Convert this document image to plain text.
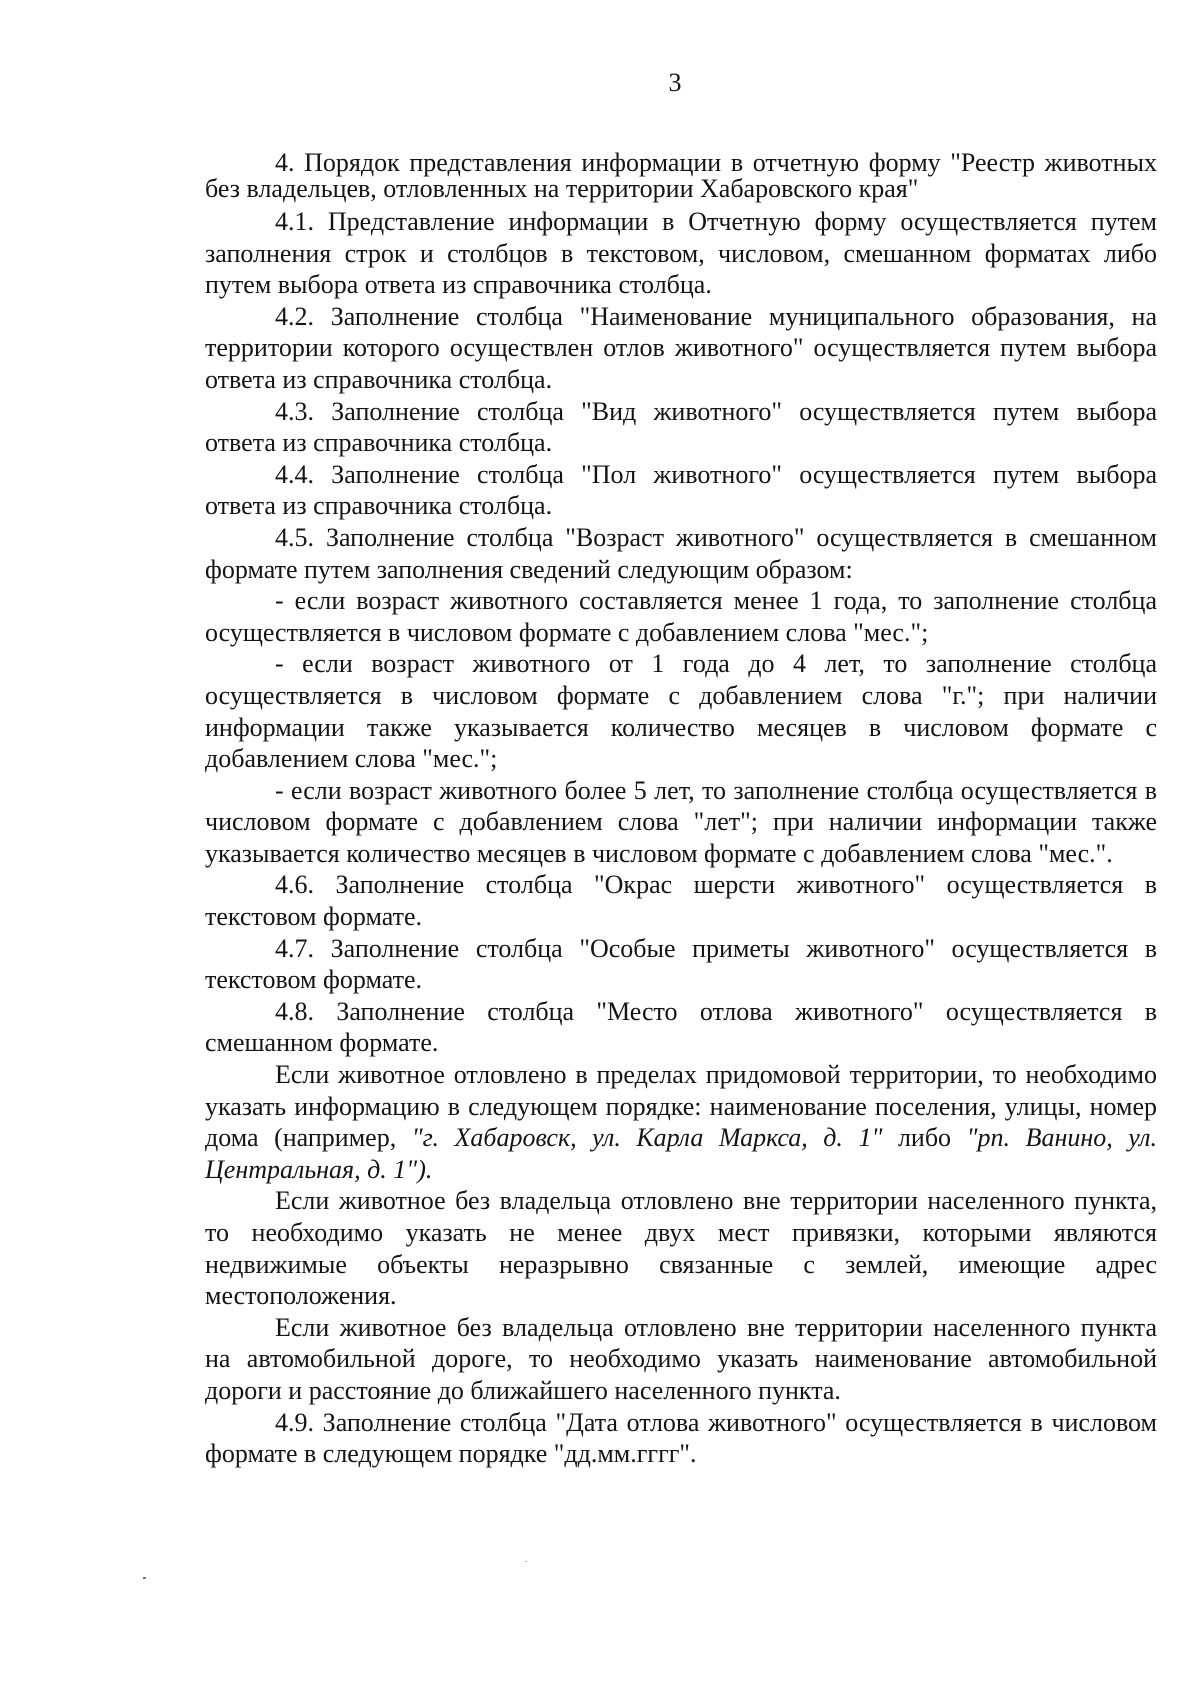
3

4. Порядок представления информации в отчетную форму "Реестр животных без владельцев, отловленных на территории Хабаровского края"

4.1. Представление информации в Отчетную форму осуществляется путем заполнения строк и столбцов в текстовом, числовом, смешанном форматах либо путем выбора ответа из справочника столбца.

4.2. Заполнение столбца "Наименование муниципального образования, на территории которого осуществлен отлов животного" осуществляется путем выбора ответа из справочника столбца.

4.3. Заполнение столбца "Вид животного" осуществляется путем выбора ответа из справочника столбца.

4.4. Заполнение столбца "Пол животного" осуществляется путем выбора ответа из справочника столбца.

4.5. Заполнение столбца "Возраст животного" осуществляется в смешанном формате путем заполнения сведений следующим образом:

- если возраст животного составляется менее 1 года, то заполнение столбца осуществляется в числовом формате с добавлением слова "мес.";

- если возраст животного от 1 года до 4 лет, то заполнение столбца осуществляется в числовом формате с добавлением слова "г."; при наличии информации также указывается количество месяцев в числовом формате с добавлением слова "мес.";

- если возраст животного более 5 лет, то заполнение столбца осуществляется в числовом формате с добавлением слова "лет"; при наличии информации также указывается количество месяцев в числовом формате с добавлением слова "мес.".

4.6. Заполнение столбца "Окрас шерсти животного" осуществляется в текстовом формате.

4.7. Заполнение столбца "Особые приметы животного" осуществляется в текстовом формате.

4.8. Заполнение столбца "Место отлова животного" осуществляется в смешанном формате.

Если животное отловлено в пределах придомовой территории, то необходимо указать информацию в следующем порядке: наименование поселения, улицы, номер дома (например, "г. Хабаровск, ул. Карла Маркса, д. 1" либо "рп. Ванино, ул. Центральная, д. 1").

Если животное без владельца отловлено вне территории населенного пункта, то необходимо указать не менее двух мест привязки, которыми являются недвижимые объекты неразрывно связанные с землей, имеющие адрес местоположения.

Если животное без владельца отловлено вне территории населенного пункта на автомобильной дороге, то необходимо указать наименование автомобильной дороги и расстояние до ближайшего населенного пункта.

4.9. Заполнение столбца "Дата отлова животного" осуществляется в числовом формате в следующем порядке "дд.мм.гггг".
